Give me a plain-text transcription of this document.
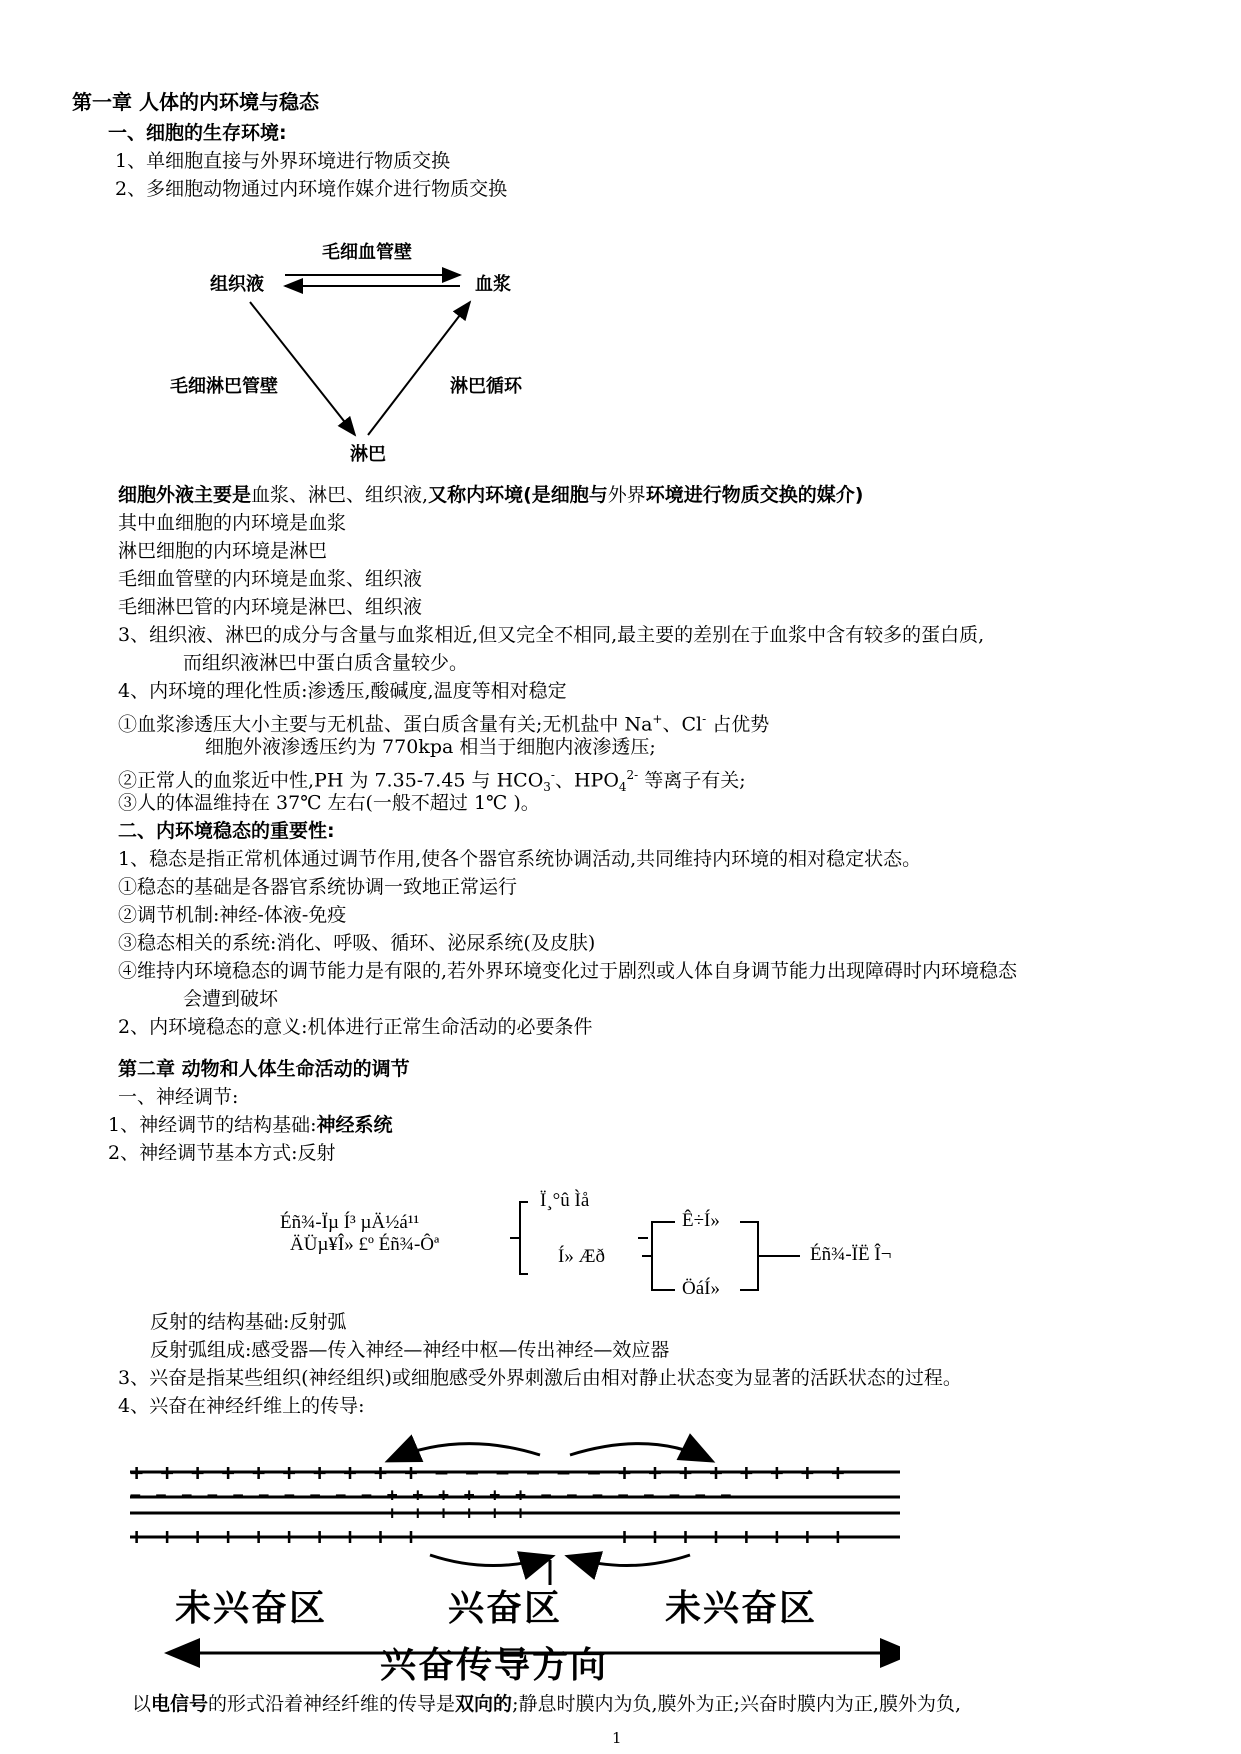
第一章 人体的内环境与稳态
一、细胞的生存环境:
1、单细胞直接与外界环境进行物质交换
2、多细胞动物通过内环境作媒介进行物质交换
毛细血管壁
组织液	血浆
毛细淋巴管壁	淋巴循环
淋巴
细胞外液主要是血浆、淋巴、组织液,又称内环境(是细胞与外界环境进行物质交换的媒介)
其中血细胞的内环境是血浆
淋巴细胞的内环境是淋巴
毛细血管壁的内环境是血浆、组织液
毛细淋巴管的内环境是淋巴、组织液
3、组织液、淋巴的成分与含量与血浆相近,但又完全不相同,最主要的差别在于血浆中含有较多的蛋白质,
而组织液淋巴中蛋白质含量较少。
4、内环境的理化性质:渗透压,酸碱度,温度等相对稳定
①血浆渗透压大小主要与无机盐、蛋白质含量有关;无机盐中 Na+、Cl- 占优势
细胞外液渗透压约为 770kpa 相当于细胞内液渗透压;
②正常人的血浆近中性,PH 为 7.35-7.45 与 $HCO_3^-$、$HPO_4^{2-}$ 等离子有关;
③人的体温维持在 37℃ 左右(一般不超过 1℃ )。
二、内环境稳态的重要性:
1、稳态是指正常机体通过调节作用,使各个器官系统协调活动,共同维持内环境的相对稳定状态。
①稳态的基础是各器官系统协调一致地正常运行
②调节机制:神经-体液-免疫
③稳态相关的系统:消化、呼吸、循环、泌尿系统(及皮肤)
④维持内环境稳态的调节能力是有限的,若外界环境变化过于剧烈或人体自身调节能力出现障碍时内环境稳态
会遭到破坏
2、内环境稳态的意义:机体进行正常生命活动的必要条件
第二章 动物和人体生命活动的调节
一、神经调节:
1、神经调节的结构基础:神经系统
2、神经调节基本方式:反射
Éñ¾-Ïµ Í³ µÄ½á¹¹
ÄÜµ¥Î» £º Éñ¾-Ôª
Ï¸°û Ìå
Í» Æð
Ê÷Í»
ÖáÍ»
Éñ¾-ÏË Î¬
反射的结构基础:反射弧
反射弧组成:感受器—传入神经—神经中枢—传出神经—效应器
3、兴奋是指某些组织(神经组织)或细胞感受外界刺激后由相对静止状态变为显著的活跃状态的过程。
4、兴奋在神经纤维上的传导:
+ + + + + + + + + + − − − − − − + + + + + + + +
− − − − − − − − − − + + + + + + − − − − − − − −
− − − − − − − − − − + + + + + + − − − − − − − −
+ + + + + + + + + + − − − − − − + + + + + + + +
未兴奋区	兴奋区	未兴奋区
兴奋传导方向
以电信号的形式沿着神经纤维的传导是双向的;静息时膜内为负,膜外为正;兴奋时膜内为正,膜外为负,
1
